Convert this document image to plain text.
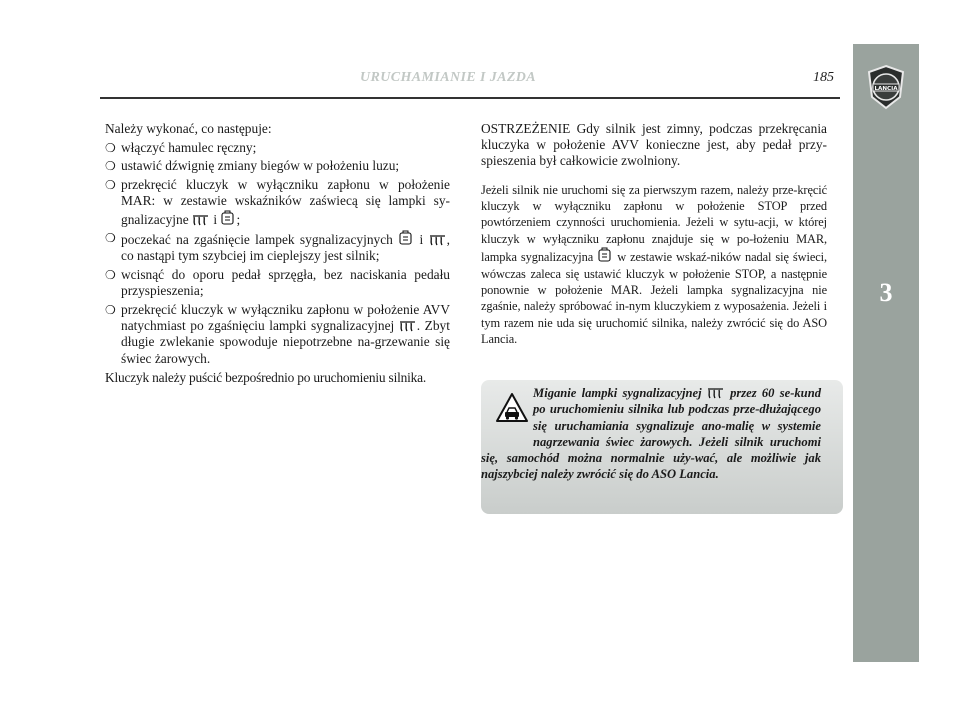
LANCIA
3
URUCHAMIANIE I JAZDA	185

Należy wykonać, co następuje:

❍ włączyć hamulec ręczny;
❍ ustawić dźwignię zmiany biegów w położeniu luzu;
❍ przekręcić kluczyk w wyłączniku zapłonu w położenie MAR: w zestawie wskaźników zaświecą się lampki sy-gnalizacyjne i ;
❍ poczekać na zgaśnięcie lampek sygnalizacyjnych i , co nastąpi tym szybciej im cieplejszy jest silnik;
❍ wcisnąć do oporu pedał sprzęgła, bez naciskania pedału przyspieszenia;
❍ przekręcić kluczyk w wyłączniku zapłonu w położenie AVV natychmiast po zgaśnięciu lampki sygnalizacyjnej . Zbyt długie zwlekanie spowoduje niepotrzebne na-grzewanie się świec żarowych.

Kluczyk należy puścić bezpośrednio po uruchomieniu silnika.

OSTRZEŻENIE Gdy silnik jest zimny, podczas przekręcania kluczyka w położenie AVV konieczne jest, aby pedał przy-spieszenia był całkowicie zwolniony.

Jeżeli silnik nie uruchomi się za pierwszym razem, należy prze-kręcić kluczyk w wyłączniku zapłonu w położenie STOP przed powtórzeniem czynności uruchomienia. Jeżeli w sytu-acji, w której kluczyk w wyłączniku zapłonu znajduje się w po-łożeniu MAR, lampka sygnalizacyjna w zestawie wskaź-ników nadal się świeci, wówczas zaleca się ustawić kluczyk w położenie STOP, a następnie ponownie w położenie MAR. Jeżeli lampka sygnalizacyjna nie zgaśnie, należy spróbować in-nym kluczykiem z wyposażenia. Jeżeli i tym razem nie uda się uruchomić silnika, należy zwrócić się do ASO Lancia.

Miganie lampki sygnalizacyjnej przez 60 se-kund po uruchomieniu silnika lub podczas prze-dłużającego się uruchamiania sygnalizuje ano-malię w systemie nagrzewania świec żarowych. Jeżeli silnik uruchomi się, samochód można normalnie uży-wać, ale możliwie jak najszybciej należy zwrócić się do ASO Lancia.
